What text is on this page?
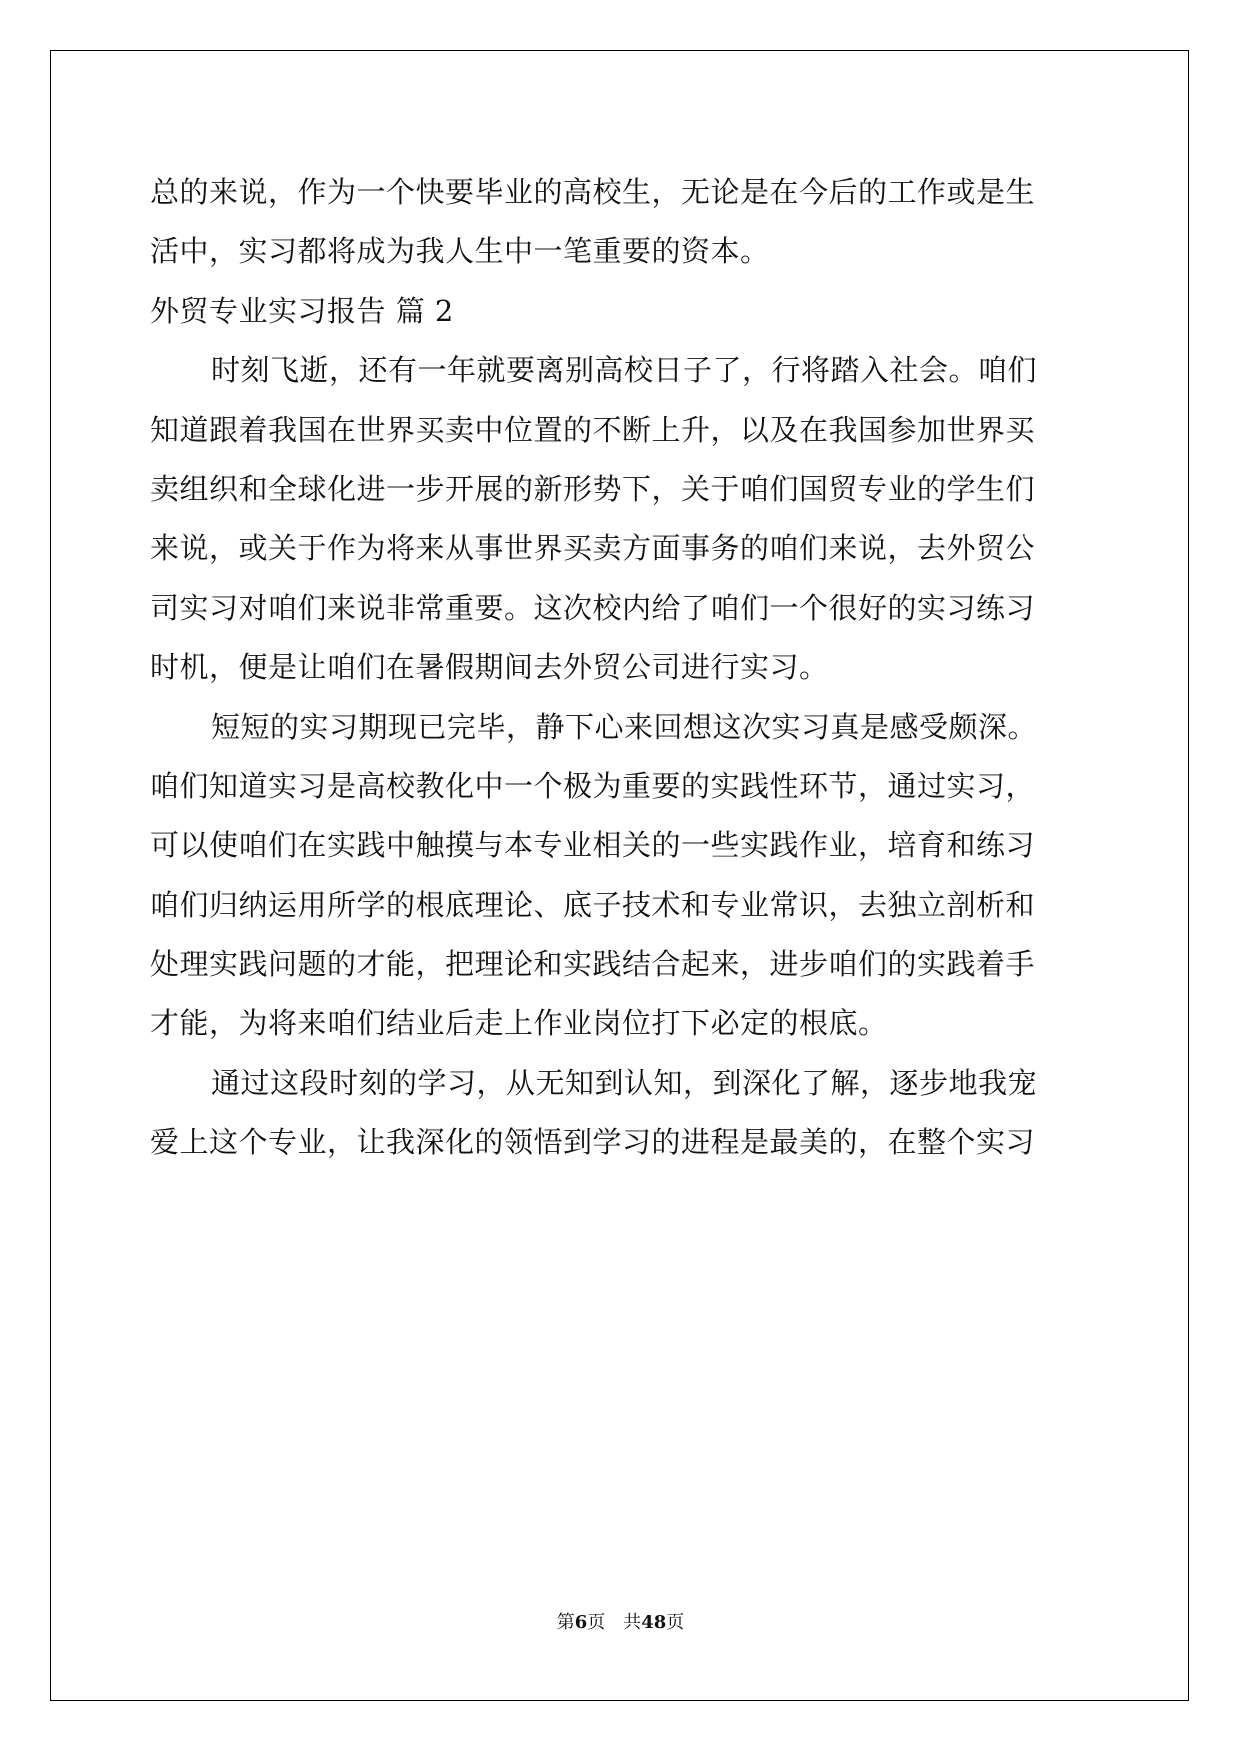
总的来说，作为一个快要毕业的高校生，无论是在今后的工作或是生
活中，实习都将成为我人生中一笔重要的资本。
外贸专业实习报告 篇 2
时刻飞逝，还有一年就要离别高校日子了，行将踏入社会。咱们
知道跟着我国在世界买卖中位置的不断上升，以及在我国参加世界买
卖组织和全球化进一步开展的新形势下，关于咱们国贸专业的学生们
来说，或关于作为将来从事世界买卖方面事务的咱们来说，去外贸公
司实习对咱们来说非常重要。这次校内给了咱们一个很好的实习练习
时机，便是让咱们在暑假期间去外贸公司进行实习。
短短的实习期现已完毕，静下心来回想这次实习真是感受颇深。
咱们知道实习是高校教化中一个极为重要的实践性环节，通过实习，
可以使咱们在实践中触摸与本专业相关的一些实践作业，培育和练习
咱们归纳运用所学的根底理论、底子技术和专业常识，去独立剖析和
处理实践问题的才能，把理论和实践结合起来，进步咱们的实践着手
才能，为将来咱们结业后走上作业岗位打下必定的根底。
通过这段时刻的学习，从无知到认知，到深化了解，逐步地我宠
爱上这个专业，让我深化的领悟到学习的进程是最美的，在整个实习
第6页　共48页
